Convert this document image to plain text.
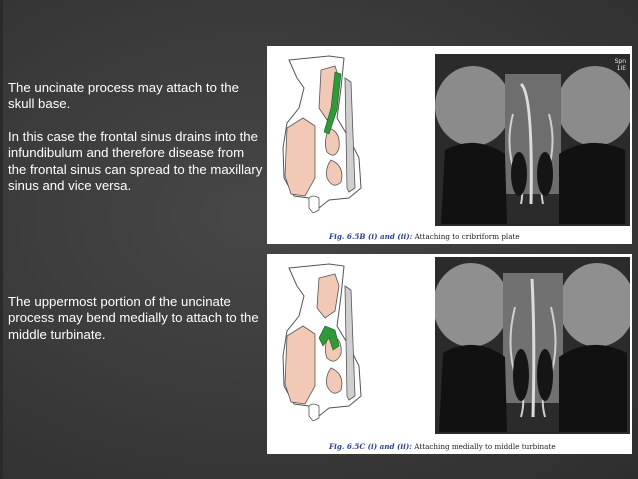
The uncinate process may attach to the skull base.

In this case the frontal sinus drains into the infundibulum and therefore disease from the frontal sinus can spread to the maxillary sinus and vice versa.

The uppermost portion of the uncinate process may bend medially to attach to the middle turbinate.

Spn
1IE
Fig. 6.5B (i) and (ii): Attaching to cribriform plate
Fig. 6.5C (i) and (ii): Attaching medially to middle turbinate
